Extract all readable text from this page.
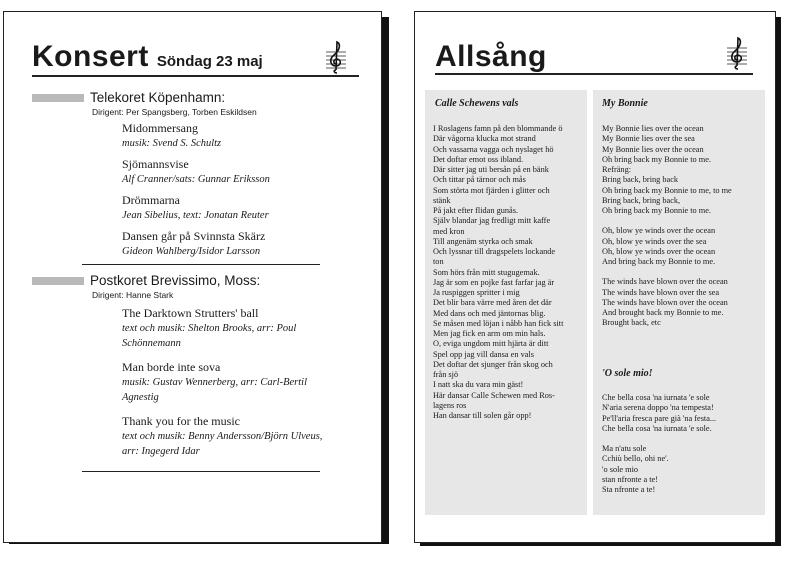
Konsert Söndag 23 maj
Telekoret Köpenhamn:
Dirigent: Per Spangsberg, Torben Eskildsen
Midommersang
musik: Svend S. Schultz
Sjömannsvise
Alf Cranner/sats: Gunnar Eriksson
Drömmarna
Jean Sibelius, text: Jonatan Reuter
Dansen går på Svinnsta Skärz
Gideon Wahlberg/Isidor Larsson
Postkoret Brevissimo, Moss:
Dirigent: Hanne Stark
The Darktown Strutters' ball
text och musik: Shelton Brooks, arr: Poul
Schönnemann
Man borde inte sova
musik: Gustav Wennerberg, arr: Carl-Bertil
Agnestig
Thank you for the music
text och musik: Benny Andersson/Björn Ulveus,
arr: Ingegerd Idar
Allsång
Calle Schewens vals
I Roslagens famn på den blommande ö
Där vågorna klucka mot strand
Och vassarna vagga och nyslaget hö
Det doftar emot oss ibland.
Där sitter jag uti bersån på en bänk
Och tittar på tärnor och mås
Som störta mot fjärden i glitter och
stänk
På jakt efter flidan gunås.
Själv blandar jag fredligt mitt kaffe
med kron
Till angenäm styrka och smak
Och lyssnar till dragspelets lockande
ton
Som hörs från mitt stugugemak.
Jag är som en pojke fast farfar jag är
Ja ruspiggen spritter i mig
Det blir bara värre med åren det där
Med dans och med jäntornas blig.
Se måsen med löjan i nåbb han fick sitt
Men jag fick en arm om min hals.
O, eviga ungdom mitt hjärta är ditt
Spel opp jag vill dansa en vals
Det doftar det sjunger från skog och
från sjö
I natt ska du vara min gäst!
Här dansar Calle Schewen med Ros-
lagens ros
Han dansar till solen går opp!
My Bonnie
My Bonnie lies over the ocean
My Bonnie lies over the sea
My Bonnie lies over the ocean
Oh bring back my Bonnie to me.
Refräng:
Bring back, bring back
Oh bring back my Bonnie to me, to me
Bring back, bring back,
Oh bring back my Bonnie to me.
Oh, blow ye winds over the ocean
Oh, blow ye winds over the sea
Oh, blow ye winds over the ocean
And bring back my Bonnie to me.
The winds have blown over the ocean
The winds have blown over the sea
The winds have blown over the ocean
And brought back my Bonnie to me.
Brought back, etc
'O sole mio!
Che bella cosa 'na iurnata 'e sole
N'aria serena doppo 'na tempesta!
Pe'll'aria fresca pare già 'na festa...
Che bella cosa 'na iurnata 'e sole.
Ma n'atu sole
Cchiù bello, ohi ne'.
'o sole mio
stan nfronte a te!
Sta nfronte a te!
